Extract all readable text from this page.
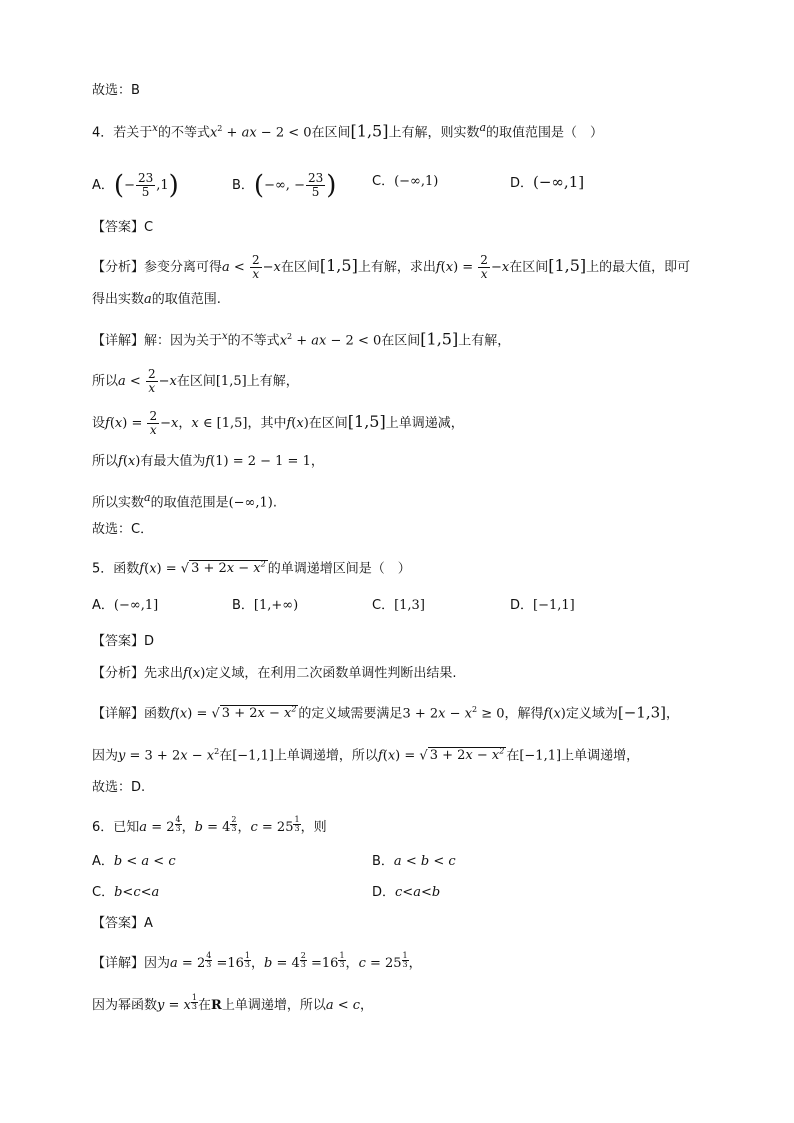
故选：B
4．若关于$^x$的不等式$x^2$ + ax − 2 < 0在区间[1,5]上有解，则实数$^a$的取值范围是（　）
A．(− $\frac{23}{5} ,1$)	B．(−∞, − $\frac{23}{5}$ )	C．(−∞,1)	D．(−∞,1]
【答案】C
【分析】参变分离可得$a < \frac{2}{x} -x$在区间[1,5]上有解，求出$f(x) = \frac{2}{x} -x$在区间[1,5]上的最大值，即可
得出实数a的取值范围.
【详解】解：因为关于$^x$的不等式$x^2$ + ax − 2 < 0在区间[1,5]上有解，
所以$a < \frac{2}{x} -x$在区间[1,5]上有解，
设$f(x) = \frac{2}{x} -x$，x ∈ [1,5]，其中f(x)在区间[1,5]上单调递减，
所以f(x)有最大值为f(1) = 2 − 1 = 1，
所以实数$^a$的取值范围是(−∞,1).
故选：C．
5．函数f(x) = √ $3 + 2x - x^2$ 的单调递增区间是（　）
A．(−∞,1]	B．[1,+∞)	C．[1,3]	D．[−1,1]
【答案】D
【分析】先求出f(x)定义域，在利用二次函数单调性判断出结果.
【详解】函数f(x) = √ $3 + 2x - x^2$ 的定义域需要满足$3 + 2x - x^2 \ge 0$，解得f(x)定义域为[−1,3]，
因为$y = 3 + 2x - x^2$在[−1,1]上单调递增，所以f(x) = √ $3 + 2x - x^2$ 在[−1,1]上单调递增，
故选：D.
6．已知$a = 2 \frac{4}{3}$ ，$b = 4 \frac{2}{3}$ ，$c = 25 \frac{1}{3}$ ，则
A．b < a < c	B．a < b < c
C．b<c<a	D．c<a<b
【答案】A
【详解】因为$a = 2 \frac{4}{3} =16 \frac{1}{3}$ ，$b = 4 \frac{2}{3} =16 \frac{1}{3}$ ，$c = 25 \frac{1}{3}$ ，
因为幂函数y = x $\frac{1}{3}$ 在R上单调递增，所以a < c，
